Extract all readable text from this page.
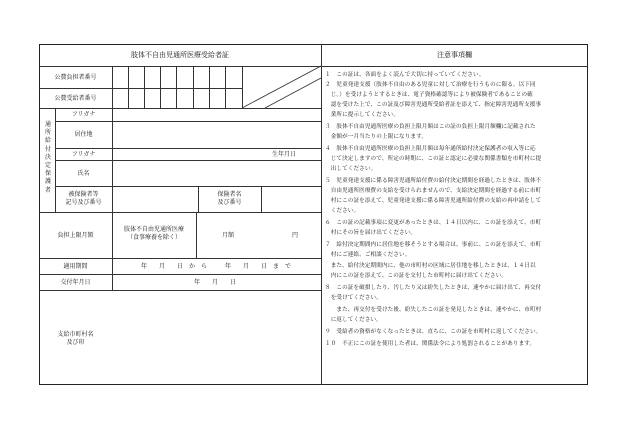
肢体不自由児通所医療受給者証	注意事項欄
公費負担者番号
公費受給者番号
通
所
給
付
決
定
保
護
者
フリガナ
居住地
フリガナ	生年月日
氏名
被保険者等
記号及び番号
保険者名
及び番号
負担上限月額
肢体不自由児通所医療
（食事療養を除く）	月額	円
適用期間	年　　月　　日　か　ら　　　年　　月　　日　ま　で
交付年月日	年　　月　　日
支給市町村名
及び印
１　この証は、各面をよく読んで大切に持っていてください。
２　児童発達支援（肢体不自由のある児童に対して治療を行うものに限る。以下同
　じ。）を受けようとするときは、電子資格確認等により被保険者であることの確
　認を受けた上で、この証及び障害児通所受給者証を添えて、指定障害児通所支援事
　業所に提示してください。
３　肢体不自由児通所医療の負担上限月額はこの証の負担上限月額欄に記載された
　金額が一月当たりの上限になります。
４　肢体不自由児通所医療の負担上限月額は毎年通所給付決定保護者の収入等に応
　じて決定しますので、所定の時期に、この証と認定に必要な関係書類を市町村に提
　出してください。
５　児童発達支援に係る障害児通所給付費の給付決定期間を経過したときは、肢体不
　自由児通所医療費の支給を受けられませんので、支給決定期間を経過する前に市町
　村にこの証を添えて、児童発達支援に係る障害児通所給付費の支給の再申請をして
　ください。
６　この証の記載事項に変更があったときは、１４日以内に、この証を添えて、市町
　村にその旨を届け出てください。
７　給付決定期間内に居住地を移そうとする場合は、事前に、この証を添えて、市町
　村にご連絡、ご相談ください。
　また、給付決定期間内に、他の市町村の区域に居住地を移したときは、１４日以
　内にこの証を添えて、この証を交付した市町村に届け出てください。
８　この証を破損したり、汚したり又は紛失したときは、速やかに届け出て、再交付
　を受けてください。
　　また、再交付を受けた後、紛失したこの証を発見したときは、速やかに、市町村
　に返してください。
９　受給者の資格がなくなったときは、直ちに、この証を市町村に返してください。
１０　不正にこの証を使用した者は、関係法令により処罰されることがあります。
